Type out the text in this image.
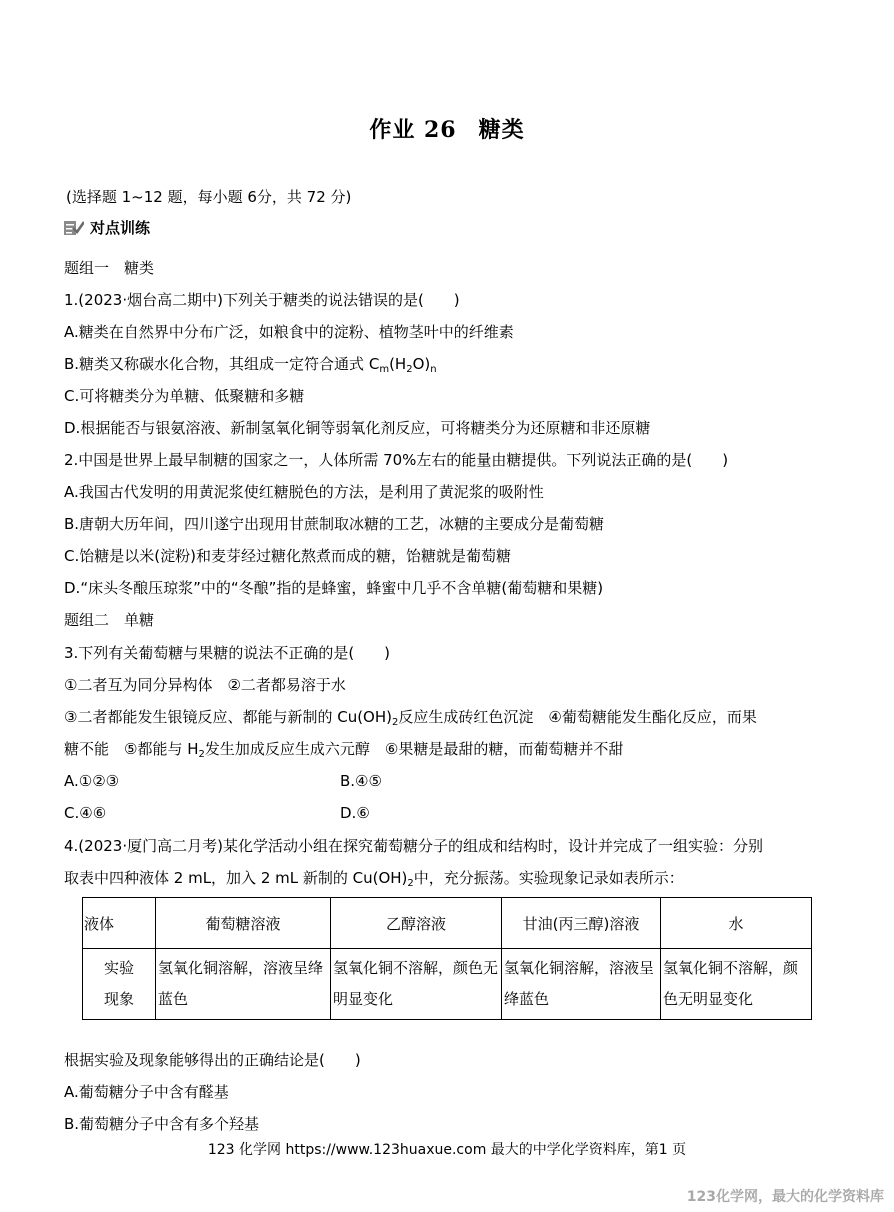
作业 26 糖类
(选择题 1~12 题，每小题 6分，共 72 分)
对点训练
题组一　糖类
1.(2023·烟台高二期中)下列关于糖类的说法错误的是(　　)
A.糖类在自然界中分布广泛，如粮食中的淀粉、植物茎叶中的纤维素
B.糖类又称碳水化合物，其组成一定符合通式 $C_m(H_2O)_n$
C.可将糖类分为单糖、低聚糖和多糖
D.根据能否与银氨溶液、新制氢氧化铜等弱氧化剂反应，可将糖类分为还原糖和非还原糖
2.中国是世界上最早制糖的国家之一，人体所需 70%左右的能量由糖提供。下列说法正确的是(　　)
A.我国古代发明的用黄泥浆使红糖脱色的方法，是利用了黄泥浆的吸附性
B.唐朝大历年间，四川遂宁出现用甘蔗制取冰糖的工艺，冰糖的主要成分是葡萄糖
C.饴糖是以米(淀粉)和麦芽经过糖化熬煮而成的糖，饴糖就是葡萄糖
D.“床头冬酿压琼浆”中的“冬酿”指的是蜂蜜，蜂蜜中几乎不含单糖(葡萄糖和果糖)
题组二　单糖
3.下列有关葡萄糖与果糖的说法不正确的是(　　)
①二者互为同分异构体　②二者都易溶于水
③二者都能发生银镜反应、都能与新制的 $Cu(OH)_2$反应生成砖红色沉淀　④葡萄糖能发生酯化反应，而果
糖不能　⑤都能与 $H_2$发生加成反应生成六元醇　⑥果糖是最甜的糖，而葡萄糖并不甜
A.①②③	B.④⑤
C.④⑥	D.⑥
4.(2023·厦门高二月考)某化学活动小组在探究葡萄糖分子的组成和结构时，设计并完成了一组实验：分别
取表中四种液体 2 mL，加入 2 mL 新制的 $Cu(OH)_2$中，充分振荡。实验现象记录如表所示：
液体	葡萄糖溶液	乙醇溶液	甘油(丙三醇)溶液	水
实验
现象	氢氧化铜溶解，溶液呈绛蓝色	氢氧化铜不溶解，颜色无明显变化	氢氧化铜溶解，溶液呈绛蓝色	氢氧化铜不溶解，颜色无明显变化
根据实验及现象能够得出的正确结论是(　　)
A.葡萄糖分子中含有醛基
B.葡萄糖分子中含有多个羟基
123 化学网 https://www.123huaxue.com 最大的中学化学资料库，第1 页
123化学网，最大的化学资料库
